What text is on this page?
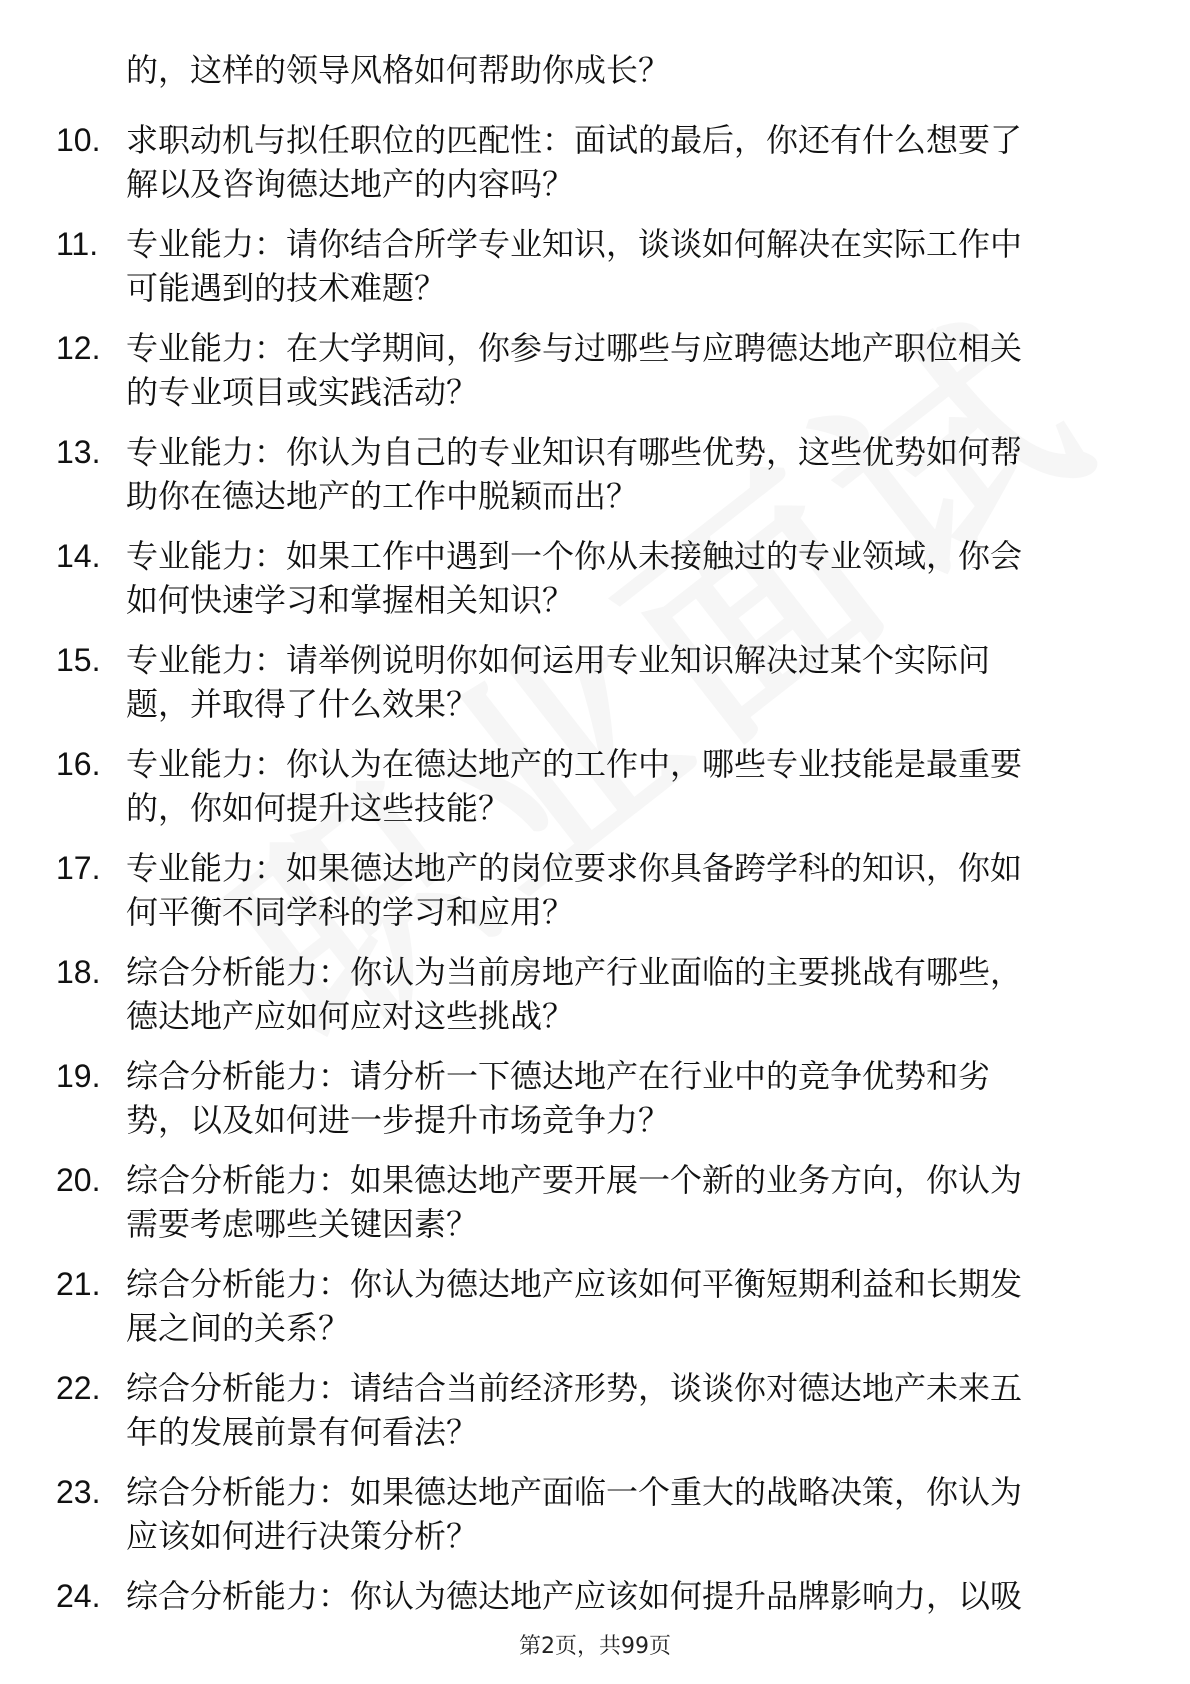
的，这样的领导风格如何帮助你成长？
10. 求职动机与拟任职位的匹配性：面试的最后，你还有什么想要了
解以及咨询德达地产的内容吗？
11. 专业能力：请你结合所学专业知识，谈谈如何解决在实际工作中
可能遇到的技术难题？
12. 专业能力：在大学期间，你参与过哪些与应聘德达地产职位相关
的专业项目或实践活动？
13. 专业能力：你认为自己的专业知识有哪些优势，这些优势如何帮
助你在德达地产的工作中脱颖而出？
14. 专业能力：如果工作中遇到一个你从未接触过的专业领域，你会
如何快速学习和掌握相关知识？
15. 专业能力：请举例说明你如何运用专业知识解决过某个实际问
题，并取得了什么效果？
16. 专业能力：你认为在德达地产的工作中，哪些专业技能是最重要
的，你如何提升这些技能？
17. 专业能力：如果德达地产的岗位要求你具备跨学科的知识，你如
何平衡不同学科的学习和应用？
18. 综合分析能力：你认为当前房地产行业面临的主要挑战有哪些，
德达地产应如何应对这些挑战？
19. 综合分析能力：请分析一下德达地产在行业中的竞争优势和劣
势，以及如何进一步提升市场竞争力？
20. 综合分析能力：如果德达地产要开展一个新的业务方向，你认为
需要考虑哪些关键因素？
21. 综合分析能力：你认为德达地产应该如何平衡短期利益和长期发
展之间的关系？
22. 综合分析能力：请结合当前经济形势，谈谈你对德达地产未来五
年的发展前景有何看法？
23. 综合分析能力：如果德达地产面临一个重大的战略决策，你认为
应该如何进行决策分析？
24. 综合分析能力：你认为德达地产应该如何提升品牌影响力，以吸
第2页，共99页
